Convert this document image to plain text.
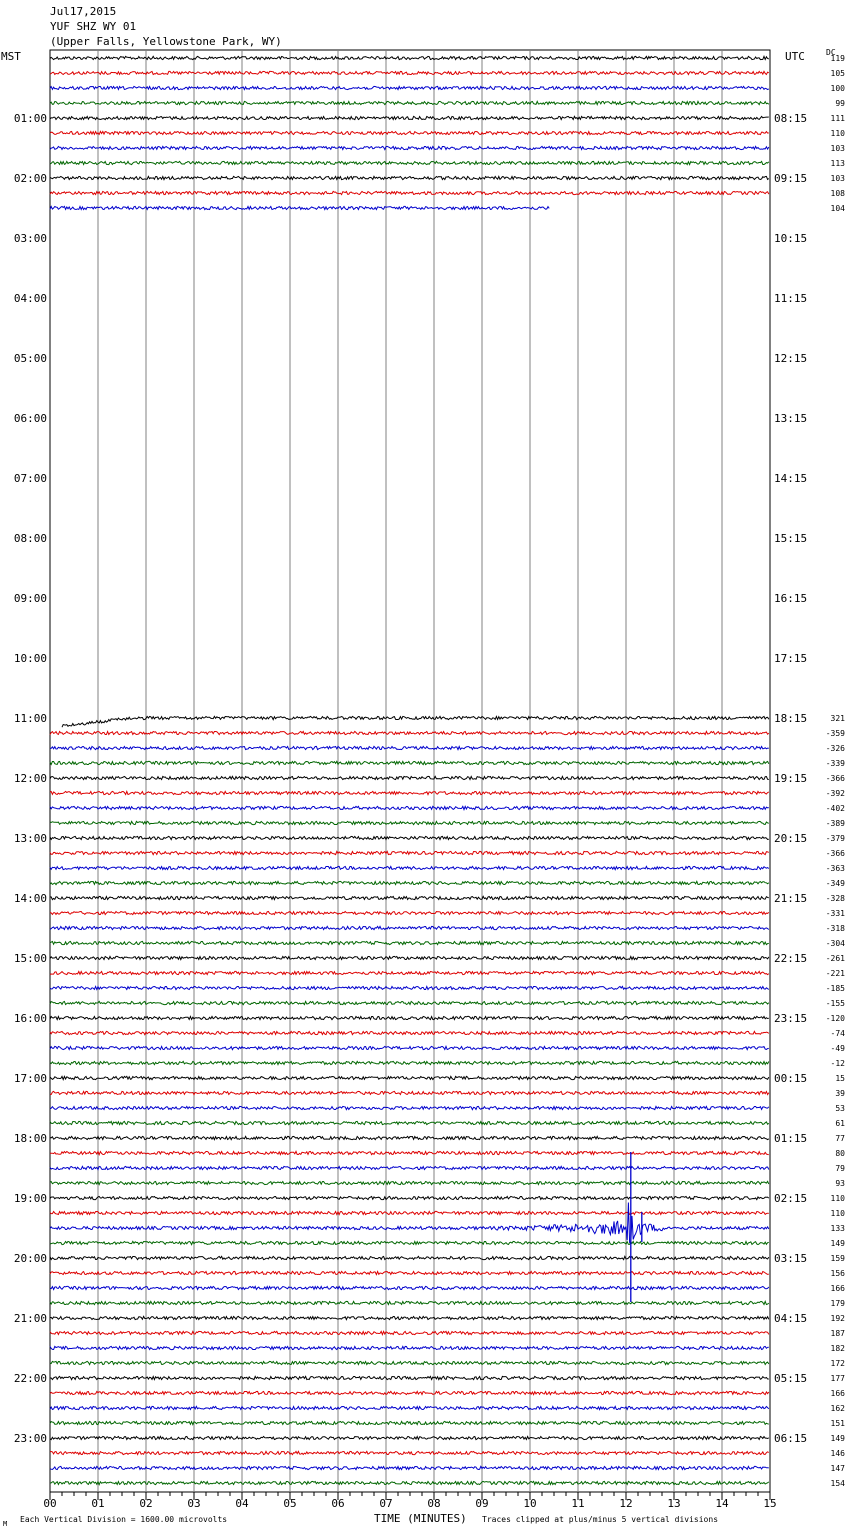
Jul17,2015
YUF SHZ WY 01
(Upper Falls, Yellowstone Park, WY)
MST	UTC	DC
00	01	02	03	04	05	06	07	08	09	10	11	12	13	14	15
01:00
02:00
03:00
04:00
05:00
06:00
07:00
08:00
09:00
10:00
11:00
12:00
13:00
14:00
15:00
16:00
17:00
18:00
19:00
20:00
21:00
22:00
23:00
08:15
09:15
10:15
11:15
12:15
13:15
14:15
15:15
16:15
17:15
18:15
19:15
20:15
21:15
22:15
23:15
00:15
01:15
02:15
03:15
04:15
05:15
06:15
119
105
100
99
111
110
103
113
103
108
104
321
-359
-326
-339
-366
-392
-402
-389
-379
-366
-363
-349
-328
-331
-318
-304
-261
-221
-185
-155
-120
-74
-49
-12
15
39
53
61
77
80
79
93
110
110
133
149
159
156
166
179
192
187
182
172
177
166
162
151
149
146
147
154
Each Vertical Division = 1600.00 microvolts	TIME (MINUTES) Traces clipped at plus/minus 5 vertical divisions
M
